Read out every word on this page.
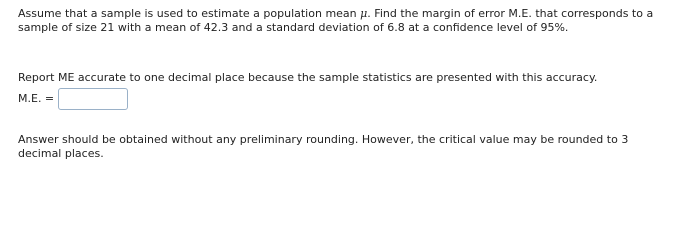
Assume that a sample is used to estimate a population mean μ. Find the margin of error M.E. that corresponds to a sample of size 21 with a mean of 42.3 and a standard deviation of 6.8 at a confidence level of 95%.

Report ME accurate to one decimal place because the sample statistics are presented with this accuracy.

M.E. =

Answer should be obtained without any preliminary rounding. However, the critical value may be rounded to 3 decimal places.
